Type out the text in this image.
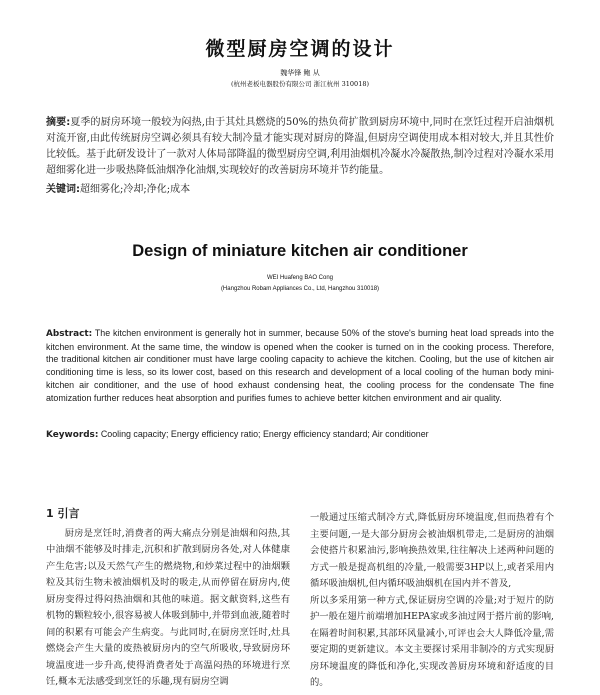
微型厨房空调的设计
魏华锋 鲍 从
(杭州老板电器股份有限公司 浙江杭州 310018)
摘要:夏季的厨房环境一般较为闷热,由于其灶具燃烧的50%的热负荷扩散到厨房环境中,同时在烹饪过程开启油烟机对流开窗,由此传统厨房空调必须具有较大制冷量才能实现对厨房的降温,但厨房空调使用成本相对较大,并且其性价比较低。基于此研发设计了一款对人体局部降温的微型厨房空调,利用油烟机冷凝水冷凝散热,制冷过程对冷凝水采用超细雾化进一步吸热降低油烟净化油烟,实现较好的改善厨房环境并节约能量。
关键词:超细雾化;冷却;净化;成本
Design of miniature kitchen air conditioner
WEI Huafeng BAO Cong
(Hangzhou Robam Appliances Co., Ltd, Hangzhou 310018)
Abstract: The kitchen environment is generally hot in summer, because 50% of the stove's burning heat load spreads into the kitchen environment. At the same time, the window is opened when the cooker is turned on in the cooking process. Therefore, the traditional kitchen air conditioner must have large cooling capacity to achieve the kitchen. Cooling, but the use of kitchen air conditioning time is less, so its lower cost, based on this research and development of a local cooling of the human body mini-kitchen air conditioner, and the use of hood exhaust condensing heat, the cooling process for the condensate The fine atomization further reduces heat absorption and purifies fumes to achieve better kitchen environment and air quality.
Keywords: Cooling capacity; Energy efficiency ratio; Energy efficiency standard; Air conditioner
1 引言

厨房是烹饪时,消费者的两大痛点分别是油烟和闷热,其中油烟不能够及时排走,沉积和扩散到厨房各处,对人体健康产生危害;以及天然气产生的燃烧物,和炒菜过程中的油烟颗粒及其衍生物未被油烟机及时的吸走,从而停留在厨房内,使厨房变得过得闷热油烟和其他的味道。据文献资料,这些有机物的颗粒较小,很容易被人体吸到肺中,并带到血液,随着时间的积累有可能会产生病变。与此同时,在厨房烹饪时,灶具燃烧会产生大量的废热被厨房内的空气所吸收,导致厨房环境温度进一步升高,使得消费者处于高温闷热的环境进行烹饪,概本无法感受到烹饪的乐趣,现有厨房空调

一般通过压缩式制冷方式,降低厨房环境温度,但而热着有个主要问题,一是大部分厨房会被油烟机带走,二是厨房的油烟会使搭片积累油污,影响换热效果,往往解决上述两种问题的方式一般是提高机组的冷量,一般需要3HP以上,或者采用内循环吸油烟机,但内循环吸油烟机在国内并不普及,

所以多采用第一种方式,保证厨房空调的冷量;对于短片的防护一般在翅片前端增加HEPA家或多油过网于搭片前的影响,在隔着时间积累,其部环风量减小,可评也会大人降低冷量,需要定期的更新建议。本文主要探讨采用非制冷的方式实现厨房环境温度的降低和净化,实现改善厨房环境和舒适度的目的。
